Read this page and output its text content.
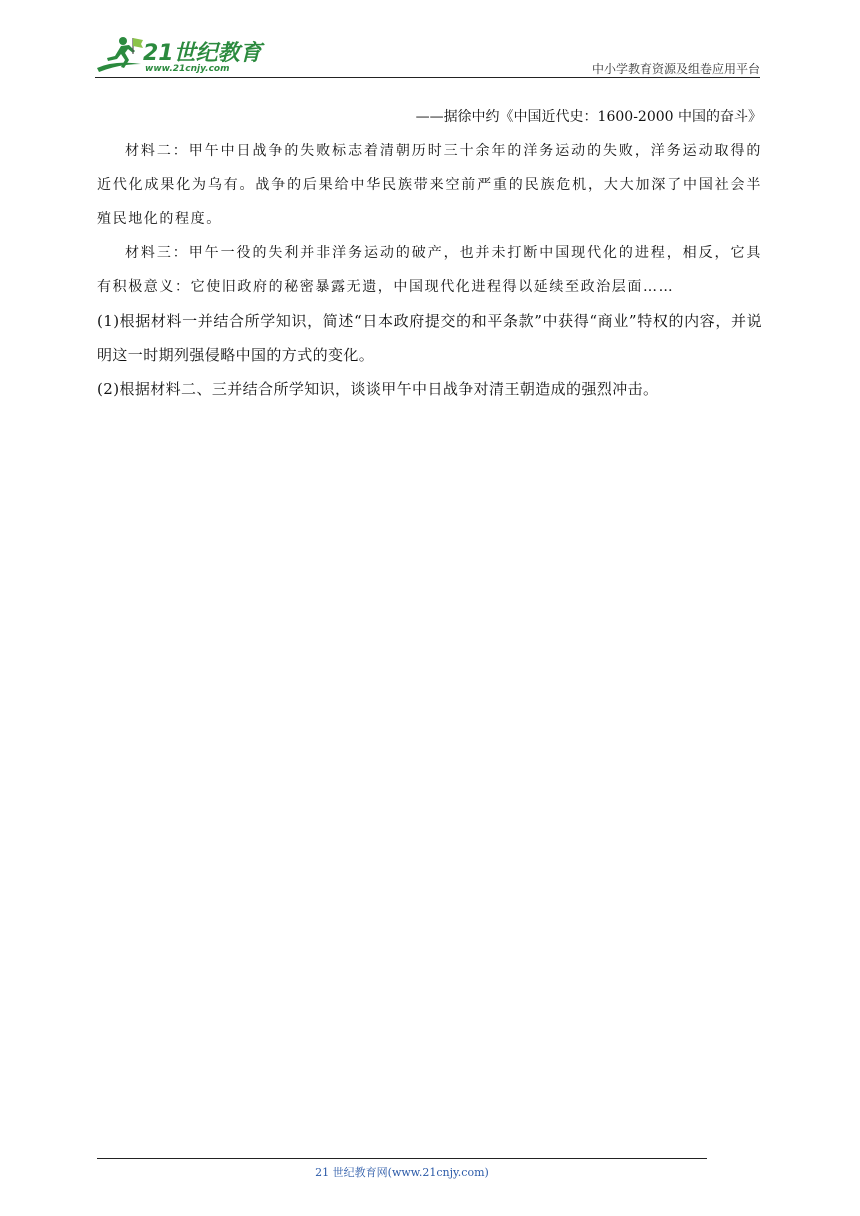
21世纪教育
www.21cnjy.com	中小学教育资源及组卷应用平台

——据徐中约《中国近代史：1600-2000 中国的奋斗》

材料二：甲午中日战争的失败标志着清朝历时三十余年的洋务运动的失败，洋务运动取得的近代化成果化为乌有。战争的后果给中华民族带来空前严重的民族危机，大大加深了中国社会半殖民地化的程度。

材料三：甲午一役的失利并非洋务运动的破产，也并未打断中国现代化的进程，相反，它具有积极意义：它使旧政府的秘密暴露无遗，中国现代化进程得以延续至政治层面……

(1)根据材料一并结合所学知识，简述“日本政府提交的和平条款”中获得“商业”特权的内容，并说明这一时期列强侵略中国的方式的变化。

(2)根据材料二、三并结合所学知识，谈谈甲午中日战争对清王朝造成的强烈冲击。

21 世纪教育网(www.21cnjy.com)
